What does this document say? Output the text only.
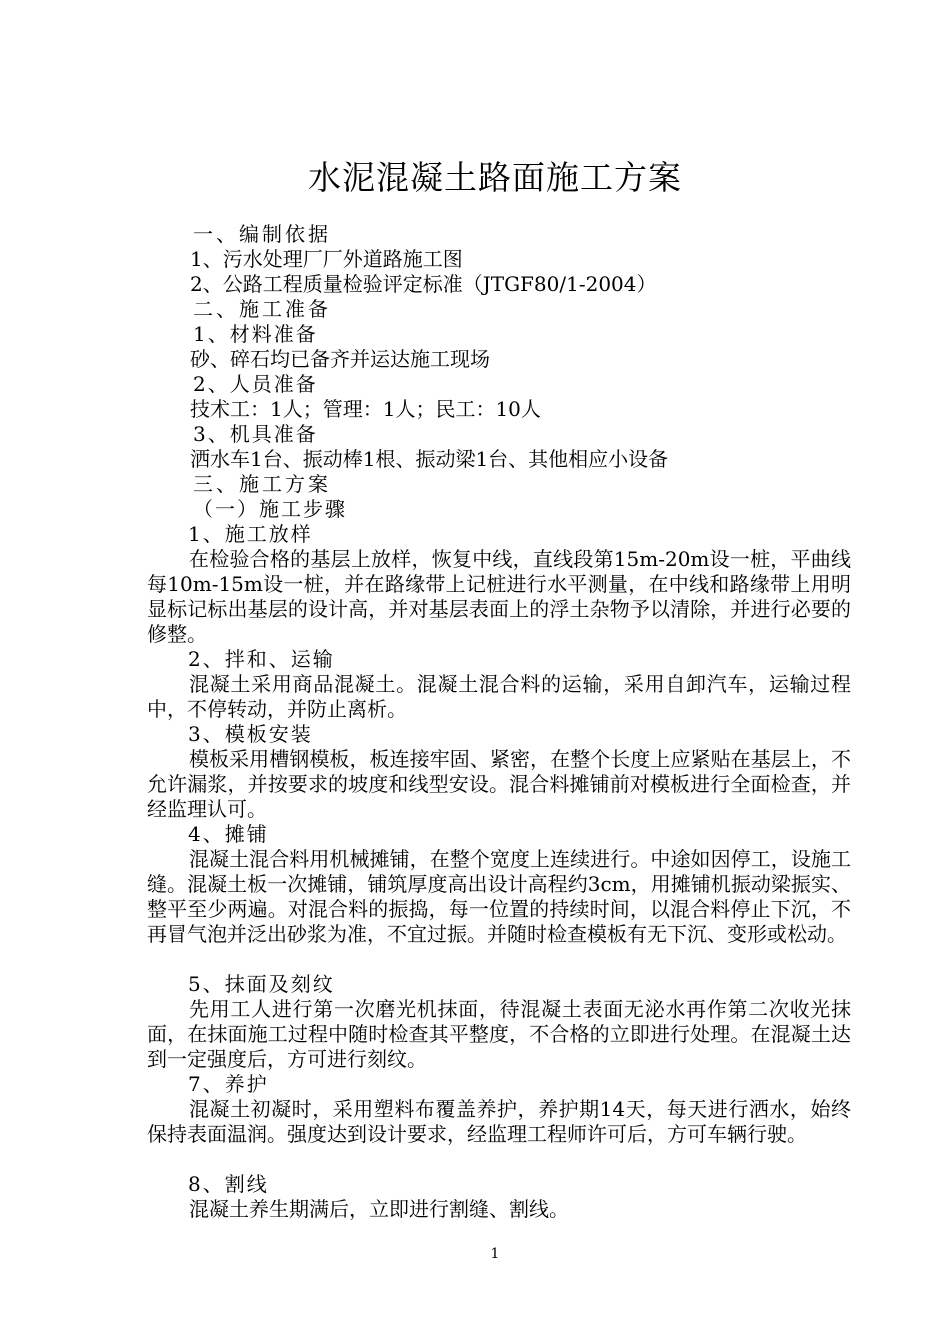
水泥混凝土路面施工方案
一、编制依据
1、污水处理厂厂外道路施工图
2、公路工程质量检验评定标准（JTGF80/1-2004）
二、施工准备
1、材料准备
砂、碎石均已备齐并运达施工现场
2、人员准备
技术工：1人；管理：1人；民工：10人
3、机具准备
洒水车1台、振动棒1根、振动梁1台、其他相应小设备
三、施工方案
（一）施工步骤
1、施工放样
在检验合格的基层上放样，恢复中线，直线段第15m-20m设一桩，平曲线每10m-15m设一桩，并在路缘带上记桩进行水平测量，在中线和路缘带上用明显标记标出基层的设计高，并对基层表面上的浮土杂物予以清除，并进行必要的修整。
2、拌和、运输
混凝土采用商品混凝土。混凝土混合料的运输，采用自卸汽车，运输过程中，不停转动，并防止离析。
3、模板安装
模板采用槽钢模板，板连接牢固、紧密，在整个长度上应紧贴在基层上，不允许漏浆，并按要求的坡度和线型安设。混合料摊铺前对模板进行全面检查，并经监理认可。
4、摊铺
混凝土混合料用机械摊铺，在整个宽度上连续进行。中途如因停工，设施工缝。混凝土板一次摊铺，铺筑厚度高出设计高程约3cm，用摊铺机振动梁振实、整平至少两遍。对混合料的振捣，每一位置的持续时间，以混合料停止下沉，不再冒气泡并泛出砂浆为准，不宜过振。并随时检查模板有无下沉、变形或松动。
5、抹面及刻纹
先用工人进行第一次磨光机抹面，待混凝土表面无泌水再作第二次收光抹面，在抹面施工过程中随时检查其平整度，不合格的立即进行处理。在混凝土达到一定强度后，方可进行刻纹。
7、养护
混凝土初凝时，采用塑料布覆盖养护，养护期14天，每天进行洒水，始终保持表面温润。强度达到设计要求，经监理工程师许可后，方可车辆行驶。
8、割线
混凝土养生期满后，立即进行割缝、割线。
1
